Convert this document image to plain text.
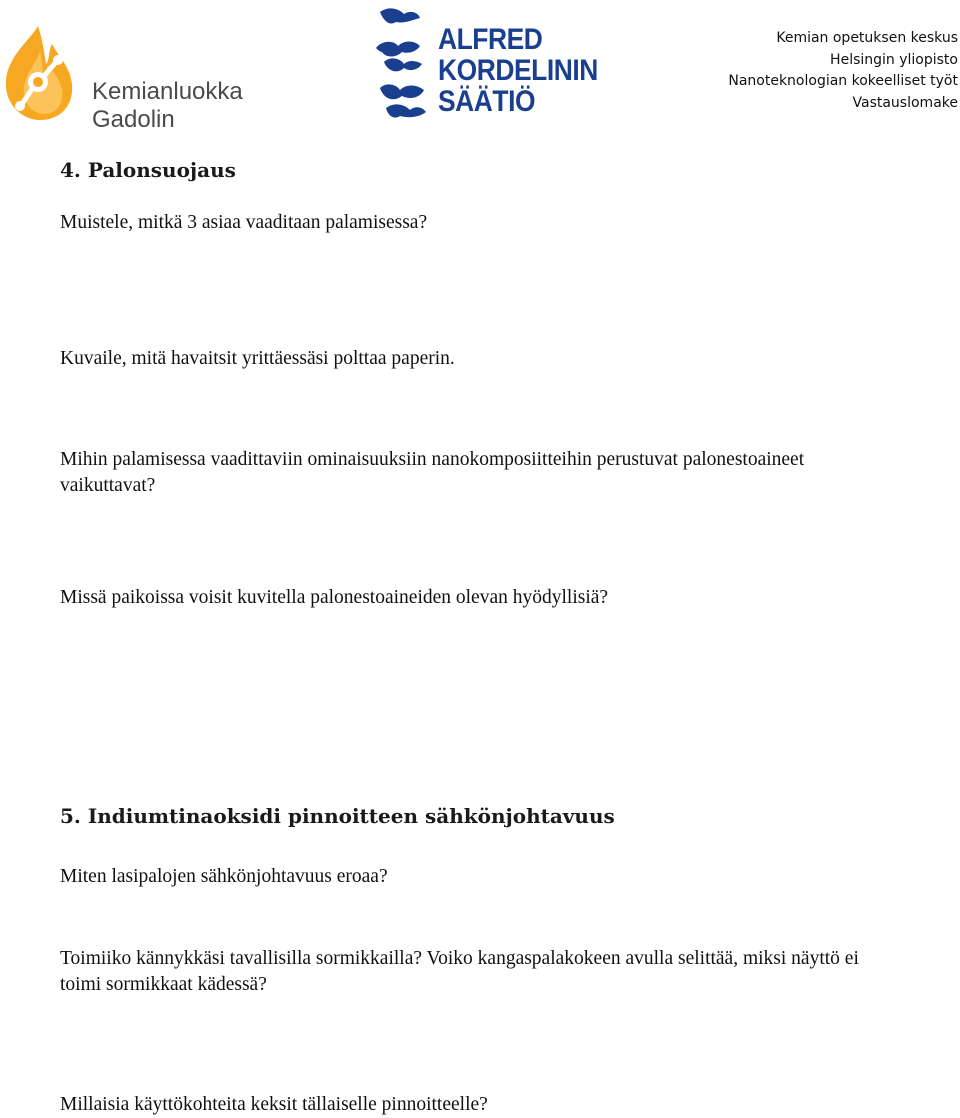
Kemianluokka
Gadolin
ALFRED
KORDELININ
SÄÄTIÖ
Kemian opetuksen keskus
Helsingin yliopisto
Nanoteknologian kokeelliset työt
Vastauslomake
4. Palonsuojaus
Muistele, mitkä 3 asiaa vaaditaan palamisessa?
Kuvaile, mitä havaitsit yrittäessäsi polttaa paperin.
Mihin palamisessa vaadittaviin ominaisuuksiin nanokomposiitteihin perustuvat palonestoaineet vaikuttavat?
Missä paikoissa voisit kuvitella palonestoaineiden olevan hyödyllisiä?
5. Indiumtinaoksidi pinnoitteen sähkönjohtavuus
Miten lasipalojen sähkönjohtavuus eroaa?
Toimiiko kännykkäsi tavallisilla sormikkailla? Voiko kangaspalakokeen avulla selittää, miksi näyttö ei toimi sormikkaat kädessä?
Millaisia käyttökohteita keksit tällaiselle pinnoitteelle?
